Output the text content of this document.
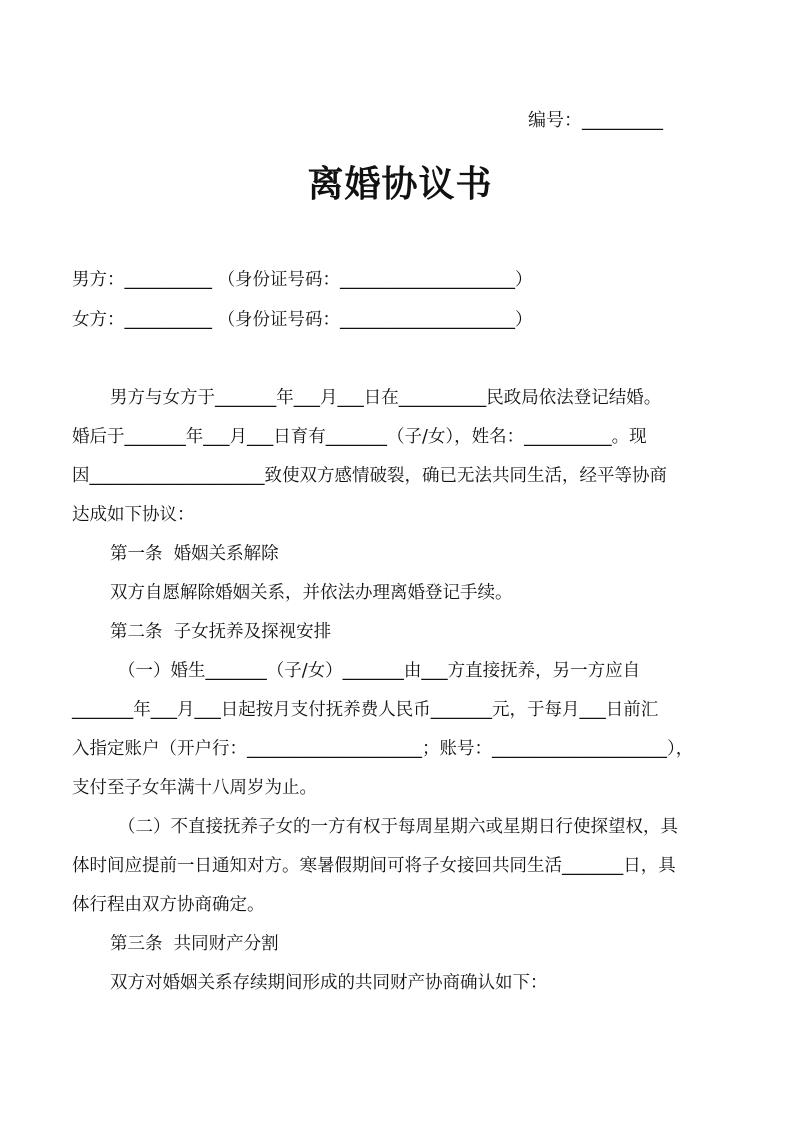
编号：_________
离婚协议书
男方：__________ （身份证号码：____________________）
女方：__________ （身份证号码：____________________）
男方与女方于_______年___月___日在__________民政局依法登记结婚。
婚后于_______年___月___日育有_______（子/女），姓名：__________。现
因____________________致使双方感情破裂，确已无法共同生活，经平等协商
达成如下协议：
第一条  婚姻关系解除
双方自愿解除婚姻关系，并依法办理离婚登记手续。
第二条  子女抚养及探视安排
（一）婚生_______（子/女）_______由___方直接抚养，另一方应自
_______年___月___日起按月支付抚养费人民币_______元，于每月___日前汇
入指定账户（开户行：____________________；账号：____________________），
支付至子女年满十八周岁为止。
（二）不直接抚养子女的一方有权于每周星期六或星期日行使探望权，具
体时间应提前一日通知对方。寒暑假期间可将子女接回共同生活_______日，具
体行程由双方协商确定。
第三条  共同财产分割
双方对婚姻关系存续期间形成的共同财产协商确认如下：
